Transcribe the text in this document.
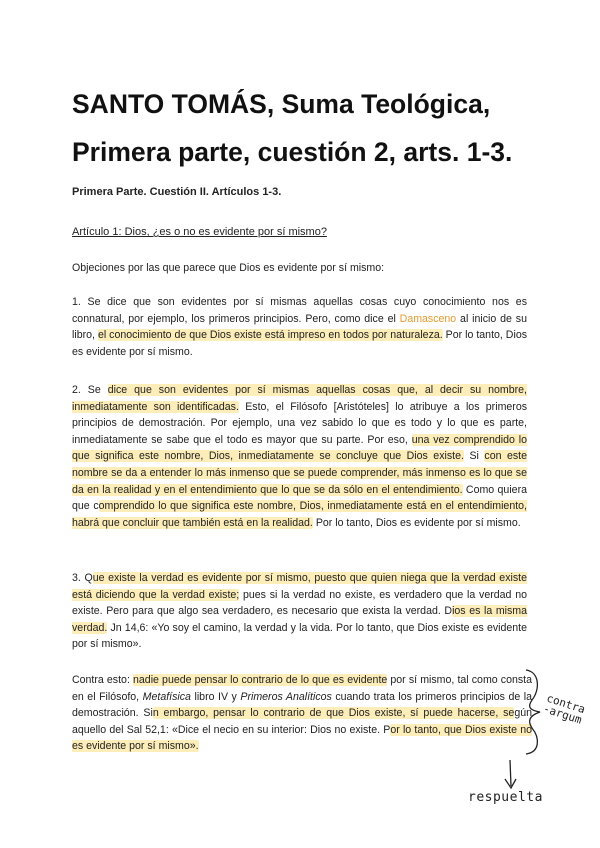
SANTO TOMÁS, Suma Teológica, Primera parte, cuestión 2, arts. 1-3.

Primera Parte. Cuestión II. Artículos 1-3.

Artículo 1: Dios, ¿es o no es evidente por sí mismo?

Objeciones por las que parece que Dios es evidente por sí mismo:

1. Se dice que son evidentes por sí mismas aquellas cosas cuyo conocimiento nos es connatural, por ejemplo, los primeros principios. Pero, como dice el Damasceno al inicio de su libro, el conocimiento de que Dios existe está impreso en todos por naturaleza. Por lo tanto, Dios es evidente por sí mismo.

2. Se dice que son evidentes por sí mismas aquellas cosas que, al decir su nombre, inmediatamente son identificadas. Esto, el Filósofo [Aristóteles] lo atribuye a los primeros principios de demostración. Por ejemplo, una vez sabido lo que es todo y lo que es parte, inmediatamente se sabe que el todo es mayor que su parte. Por eso, una vez comprendido lo que significa este nombre, Dios, inmediatamente se concluye que Dios existe. Si con este nombre se da a entender lo más inmenso que se puede comprender, más inmenso es lo que se da en la realidad y en el entendimiento que lo que se da sólo en el entendimiento. Como quiera que comprendido lo que significa este nombre, Dios, inmediatamente está en el entendimiento, habrá que concluir que también está en la realidad. Por lo tanto, Dios es evidente por sí mismo.

3. Que existe la verdad es evidente por sí mismo, puesto que quien niega que la verdad existe está diciendo que la verdad existe; pues si la verdad no existe, es verdadero que la verdad no existe. Pero para que algo sea verdadero, es necesario que exista la verdad. Dios es la misma verdad. Jn 14,6: «Yo soy el camino, la verdad y la vida. Por lo tanto, que Dios existe es evidente por sí mismo».

Contra esto: nadie puede pensar lo contrario de lo que es evidente por sí mismo, tal como consta en el Filósofo, Metafísica libro IV y Primeros Analíticos cuando trata los primeros principios de la demostración. Sin embargo, pensar lo contrario de que Dios existe, sí puede hacerse, según aquello del Sal 52,1: «Dice el necio en su interior: Dios no existe. Por lo tanto, que Dios existe no es evidente por sí mismo».

contra -argum

respuelta
